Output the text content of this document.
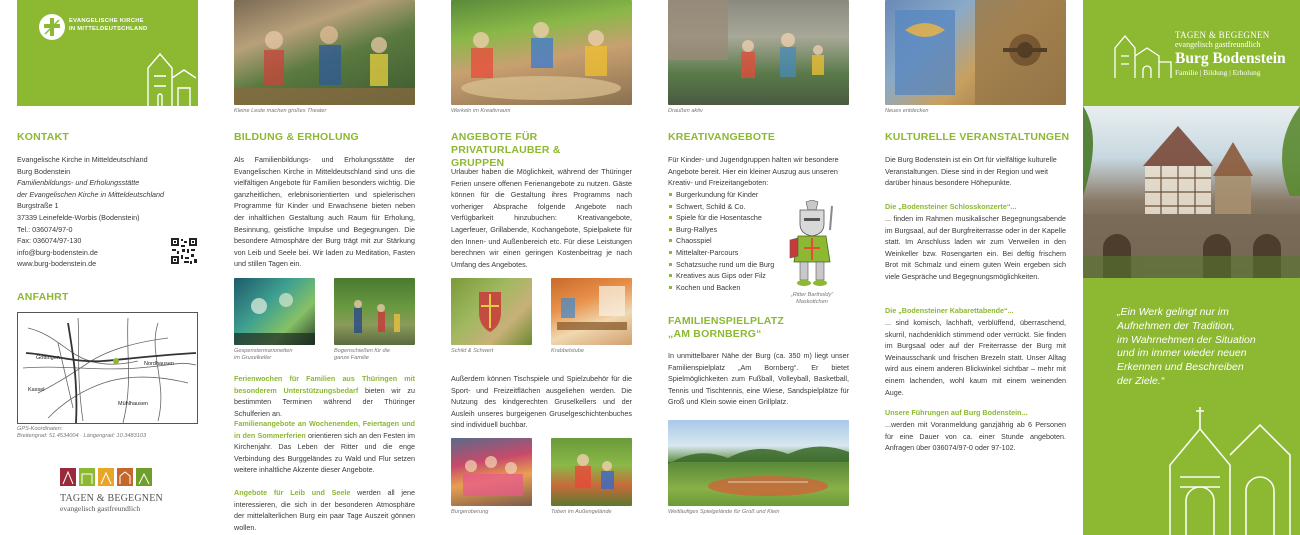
EVANGELISCHE KIRCHE
IN MITTELDEUTSCHLAND
KONTAKT
Evangelische Kirche in Mitteldeutschland
Burg Bodenstein
Familienbildungs- und Erholungsstätte
der Evangelischen Kirche in Mitteldeutschland
Burgstraße 1
37339 Leinefelde-Worbis (Bodenstein)
Tel.: 036074/97-0
Fax: 036074/97-130
info@burg-bodenstein.de
www.burg-bodenstein.de
ANFAHRT
Göttingen
Nordhausen
Kassel
Mühlhausen
GPS-Koordinaten:
Breitengrad: 51.4534004 · Längengrad: 10.3483103
TAGEN & BEGEGNEN
evangelisch gastfreundlich
Kleine Leute machen großes Theater
BILDUNG & ERHOLUNG
Als Familienbildungs- und Erholungsstätte der Evangelischen Kirche in Mitteldeutschland sind uns die vielfältigen Angebote für Familien besonders wichtig. Die ganzheitlichen, erlebnisorientierten und spielerischen Programme für Kinder und Erwachsene bieten neben der inhaltlichen Gestaltung auch Raum für Erholung, Besinnung, geistliche Impulse und Begegnungen. Die besondere Atmosphäre der Burg trägt mit zur Stärkung von Leib und Seele bei. Wir laden zu Meditation, Fasten und stillen Tagen ein.
Gespenstermarionetten
im Gruselkeller
Bogenschießen für die
ganze Familie
Ferienwochen für Familien aus Thüringen mit besonderem Unterstützungsbedarf bieten wir zu bestimmten Terminen während der Thüringer Schulferien an.
Familienangebote an Wochenenden, Feiertagen und in den Sommerferien orientieren sich an den Festen im Kirchenjahr. Das Leben der Ritter und die enge Verbindung des Burggeländes zu Wald und Flur setzen weitere inhaltliche Akzente dieser Angebote.
Angebote für Leib und Seele werden all jene interessieren, die sich in der besonderen Atmosphäre der mittelalterlichen Burg ein paar Tage Auszeit gönnen wollen.
Werkeln im Kreativraum
ANGEBOTE FÜR PRIVATURLAUBER &
GRUPPEN
Urlauber haben die Möglichkeit, während der Thüringer Ferien unsere offenen Ferienangebote zu nutzen. Gäste können für die Gestaltung ihres Programms nach vorheriger Absprache folgende Angebote nach Verfügbarkeit hinzubuchen: Kreativangebote, Lagerfeuer, Grillabende, Kochangebote, Spielpakete für den Innen- und Außenbereich etc. Für diese Leistungen berechnen wir einen geringen Kostenbeitrag je nach Umfang des Angebotes.
Schild & Schwert	Krabbelstube
Außerdem können Tischspiele und Spielzubehör für die Sport- und Freizeitflächen ausgeliehen werden. Die Nutzung des kindgerechten Gruselkellers und der Ausleih unseres burgeigenen Gruselgeschichtenbuches sind individuell buchbar.
Burgeroberung	Toben im Außengelände
Draußen aktiv
KREATIVANGEBOTE
Für Kinder- und Jugendgruppen halten wir besondere Angebote bereit. Hier ein kleiner Auszug aus unseren Kreativ- und Freizeitangeboten:
Burgerkundung für Kinder
Schwert, Schild & Co.
Spiele für die Hosentasche
Burg-Rallyes
Chaosspiel
Mittelalter-Parcours
Schatzsuche rund um die Burg
Kreatives aus Gips oder Filz
Kochen und Backen
„Ritter Bartholdy“
Maskottchen
FAMILIENSPIELPLATZ
„AM BORNBERG“
In unmittelbarer Nähe der Burg (ca. 350 m) liegt unser Familienspielplatz „Am Bornberg“. Er bietet Spielmöglichkeiten zum Fußball, Volleyball, Basketball, Tennis und Tischtennis, eine Wiese, Sandspielplätze für Groß und Klein sowie einen Grillplatz.
Weitläufiges Spielgelände für Groß und Klein
Neues entdecken
KULTURELLE VERANSTALTUNGEN
Die Burg Bodenstein ist ein Ort für vielfältige kulturelle Veranstaltungen. Diese sind in der Region und weit darüber hinaus besondere Höhepunkte.
Die „Bodensteiner Schlosskonzerte“...
... finden im Rahmen musikalischer Begegnungsabende im Burgsaal, auf der Burgfreiterrasse oder in der Kapelle statt. Im Anschluss laden wir zum Verweilen in den Weinkeller bzw. Rosengarten ein. Bei deftig frischem Brot mit Schmalz und einem guten Wein ergeben sich viele Gespräche und Begegnungsmöglichkeiten.
Die „Bodensteiner Kabarettabende“...
... sind komisch, lachhaft, verblüffend, überraschend, skurril, nachdenklich stimmend oder verrückt. Sie finden im Burgsaal oder auf der Freiterrasse der Burg mit Weinausschank und frischen Brezeln statt. Unser Alltag wird aus einem anderen Blickwinkel sichtbar – mehr mit einem lachenden, wohl kaum mit einem weinenden Auge.
Unsere Führungen auf Burg Bodenstein...
...werden mit Voranmeldung ganzjährig ab 6 Personen für eine Dauer von ca. einer Stunde angeboten. Anfragen über 036074/97-0 oder 97-102.
TAGEN & BEGEGNEN
evangelisch gastfreundlich
Burg Bodenstein
Familie | Bildung | Erholung
„Ein Werk gelingt nur im
Aufnehmen der Tradition,
im Wahrnehmen der Situation
und im immer wieder neuen
Erkennen und Beschreiben
der Ziele.“
